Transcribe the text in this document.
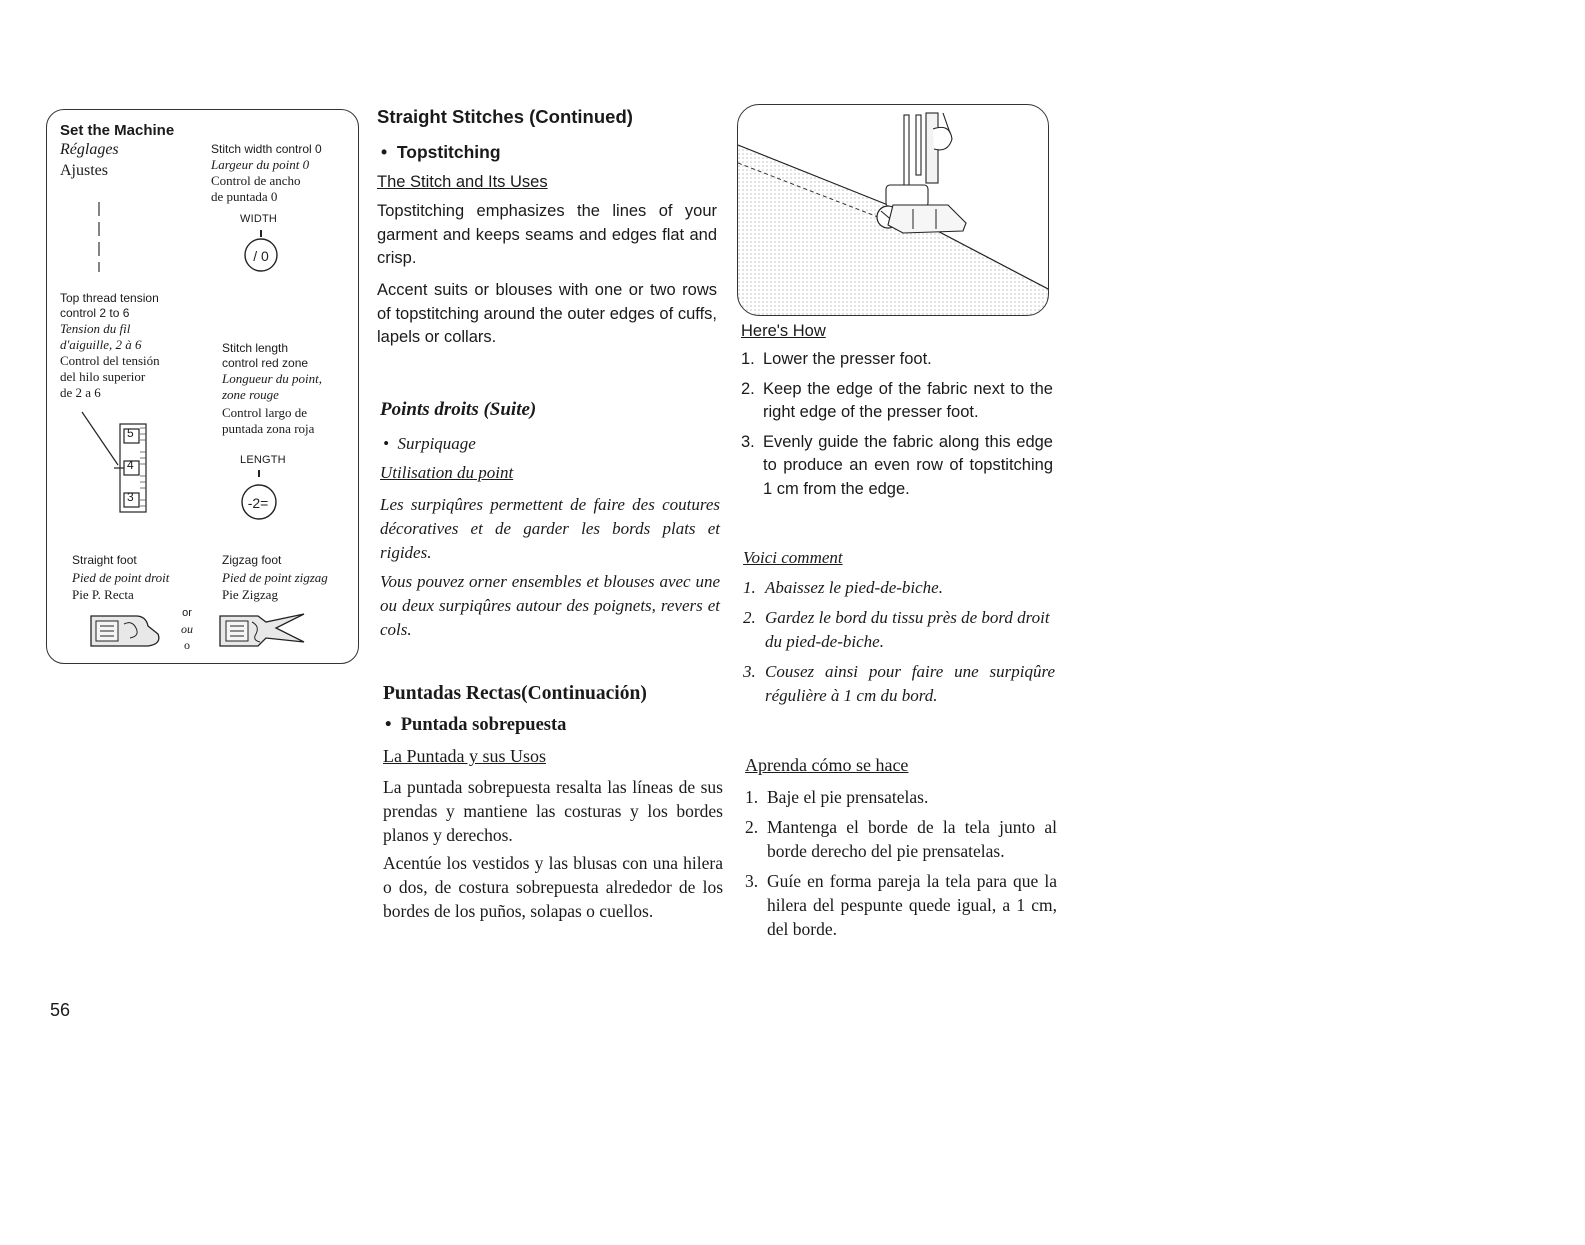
Set the Machine
Réglages
Ajustes
Stitch width control 0
Largeur du point 0
Control de ancho
de puntada 0
WIDTH
/ 0
Top thread tension
control 2 to 6
Tension du fil
d'aiguille, 2 à 6
Control del tensión
del hilo superior
de 2 a 6
5
4
3
Stitch length
control red zone
Longueur du point,
zone rouge
Control largo de
puntada zona roja
LENGTH
-2=
Straight foot
Pied de point droit
Pie P. Recta
Zigzag foot
Pied de point zigzag
Pie Zigzag
or
ou
o
Straight Stitches (Continued)
•  Topstitching
The Stitch and Its Uses

Topstitching emphasizes the lines of your garment and keeps seams and edges flat and crisp.

Accent suits or blouses with one or two rows of topstitching around the outer edges of cuffs, lapels or collars.

Points droits (Suite)
•  Surpiquage
Utilisation du point

Les surpiqûres permettent de faire des coutures décoratives et de garder les bords plats et rigides.

Vous pouvez orner ensembles et blouses avec une ou deux surpiqûres autour des poignets, revers et cols.

Puntadas Rectas(Continuación)
•  Puntada sobrepuesta
La Puntada y sus Usos

La puntada sobrepuesta resalta las líneas de sus prendas y mantiene las costuras y los bordes planos y derechos.

Acentúe los vestidos y las blusas con una hilera o dos, de costura sobrepuesta alrededor de los bordes de los puños, solapas o cuellos.

Here's How
1. Lower the presser foot.
2. Keep the edge of the fabric next to the right edge of the presser foot.
3. Evenly guide the fabric along this edge to produce an even row of topstitching 1 cm from the edge.
Voici comment
1. Abaissez le pied-de-biche.
2. Gardez le bord du tissu près de bord droit du pied-de-biche.
3. Cousez ainsi pour faire une surpiqûre régulière à 1 cm du bord.
Aprenda cómo se hace
1. Baje el pie prensatelas.
2. Mantenga el borde de la tela junto al borde derecho del pie prensatelas.
3. Guíe en forma pareja la tela para que la hilera del pespunte quede igual, a 1 cm, del borde.
56
